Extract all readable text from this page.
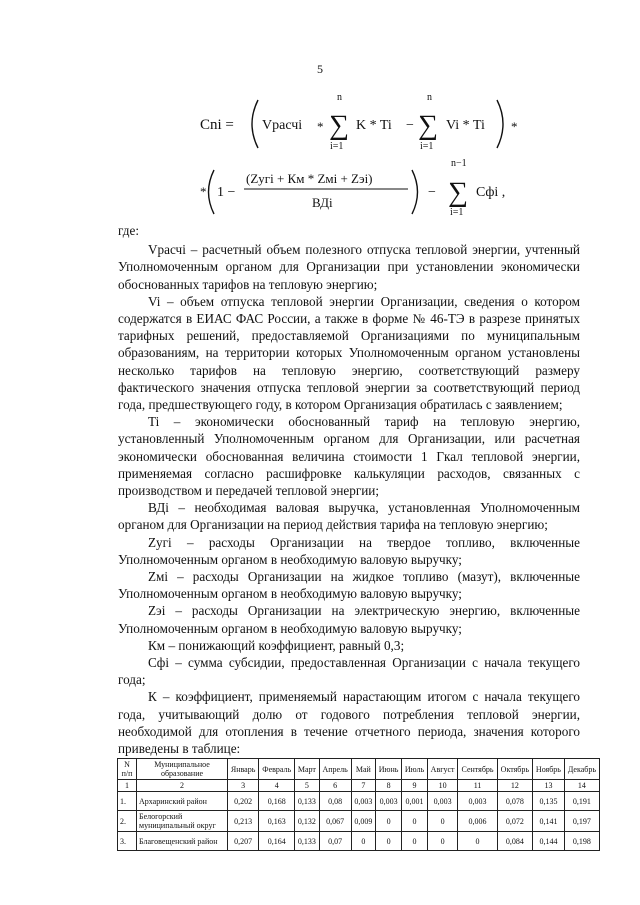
5
Cni = Vрасчi *
n
∑
i=1
K * Ti −
n
∑
i=1
Vi * Ti *
* 1 −
(Zугi + Км * Zмi + Zэi)
ВДi
−
n−1
∑
i=1
Сфi ,

где:

Vрасчi – расчетный объем полезного отпуска тепловой энергии, учтенный Уполномоченным органом для Организации при установлении экономически обоснованных тарифов на тепловую энергию;

Vi – объем отпуска тепловой энергии Организации, сведения о котором содержатся в ЕИАС ФАС России, а также в форме № 46-ТЭ в разрезе принятых тарифных решений, предоставляемой Организациями по муниципальным образованиям, на территории которых Уполномоченным органом установлены несколько тарифов на тепловую энергию, соответствующий размеру фактического значения отпуска тепловой энергии за соответствующий период года, предшествующего году, в котором Организация обратилась с заявлением;

Ti – экономически обоснованный тариф на тепловую энергию, установленный Уполномоченным органом для Организации, или расчетная экономически обоснованная величина стоимости 1 Гкал тепловой энергии, применяемая согласно расшифровке калькуляции расходов, связанных с производством и передачей тепловой энергии;

ВДi – необходимая валовая выручка, установленная Уполномоченным органом для Организации на период действия тарифа на тепловую энергию;

Zугi – расходы Организации на твердое топливо, включенные Уполномоченным органом в необходимую валовую выручку;

Zмi – расходы Организации на жидкое топливо (мазут), включенные Уполномоченным органом в необходимую валовую выручку;

Zэi – расходы Организации на электрическую энергию, включенные Уполномоченным органом в необходимую валовую выручку;

Км – понижающий коэффициент, равный 0,3;

Сфi – сумма субсидии, предоставленная Организации с начала текущего года;

К – коэффициент, применяемый нарастающим итогом с начала текущего года, учитывающий долю от годового потребления тепловой энергии, необходимой для отопления в течение отчетного периода, значения которого приведены в таблице:

N п/п	Муниципальное образование	Январь	Февраль	Март	Апрель	Май	Июнь	Июль	Август	Сентябрь	Октябрь	Ноябрь	Декабрь
1	2	3	4	5	6	7	8	9	10	11	12	13	14
1.	Архаринский район	0,202	0,168	0,133	0,08	0,003	0,003	0,001	0,003	0,003	0,078	0,135	0,191
2.	Белогорский муниципальный округ	0,213	0,163	0,132	0,067	0,009	0	0	0	0,006	0,072	0,141	0,197
3.	Благовещенский район	0,207	0,164	0,133	0,07	0	0	0	0	0	0,084	0,144	0,198
